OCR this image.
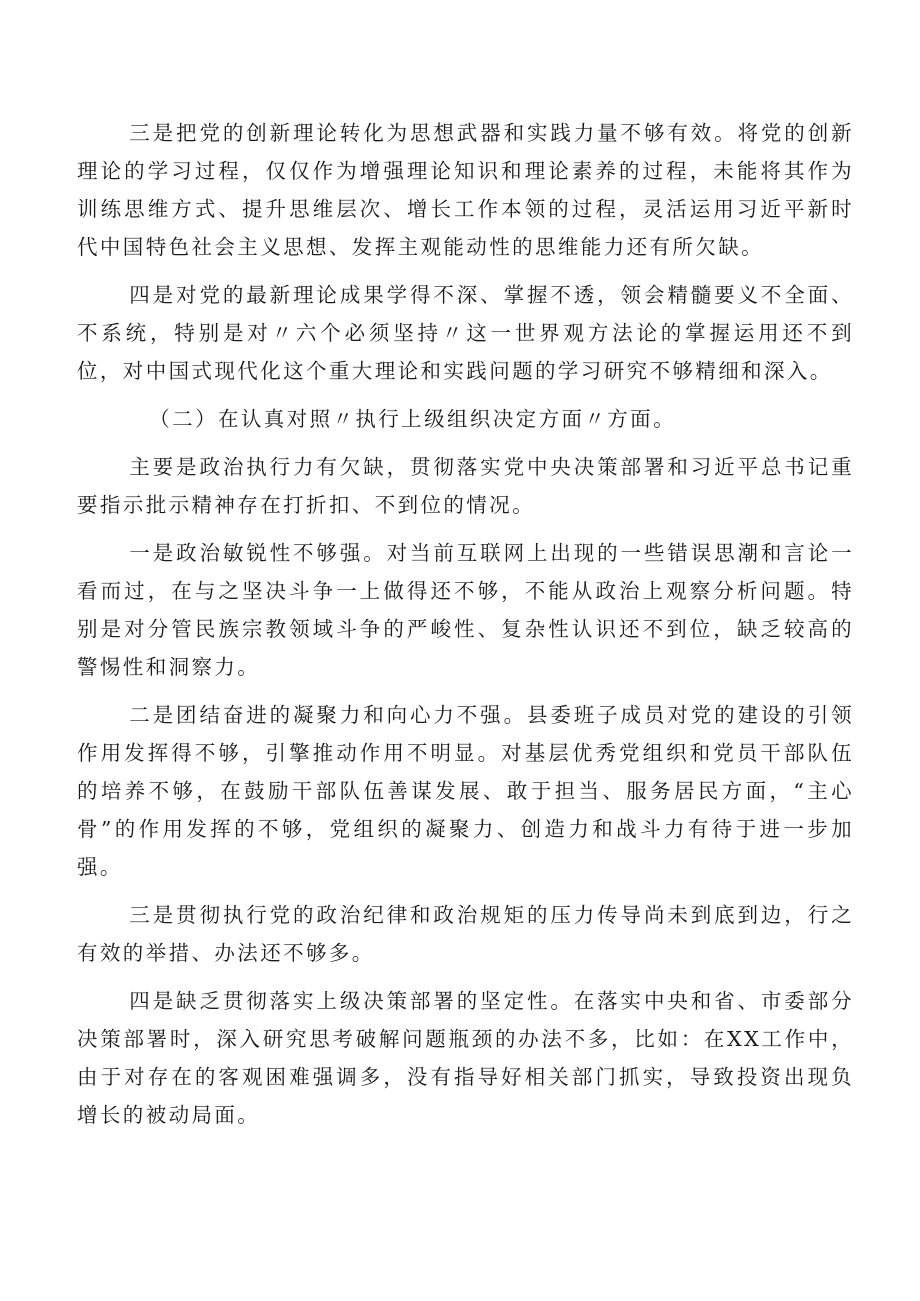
三是把党的创新理论转化为思想武器和实践力量不够有效。将党的创新理论的学习过程，仅仅作为增强理论知识和理论素养的过程，未能将其作为训练思维方式、提升思维层次、增长工作本领的过程，灵活运用习近平新时代中国特色社会主义思想、发挥主观能动性的思维能力还有所欠缺。

四是对党的最新理论成果学得不深、掌握不透，领会精髓要义不全面、不系统，特别是对〃六个必须坚持〃这一世界观方法论的掌握运用还不到位，对中国式现代化这个重大理论和实践问题的学习研究不够精细和深入。

（二）在认真对照〃执行上级组织决定方面〃方面。

主要是政治执行力有欠缺，贯彻落实党中央决策部署和习近平总书记重要指示批示精神存在打折扣、不到位的情况。

一是政治敏锐性不够强。对当前互联网上出现的一些错误思潮和言论一看而过，在与之坚决斗争一上做得还不够，不能从政治上观察分析问题。特别是对分管民族宗教领域斗争的严峻性、复杂性认识还不到位，缺乏较高的警惕性和洞察力。

二是团结奋进的凝聚力和向心力不强。县委班子成员对党的建设的引领作用发挥得不够，引擎推动作用不明显。对基层优秀党组织和党员干部队伍的培养不够，在鼓励干部队伍善谋发展、敢于担当、服务居民方面，“主心骨”的作用发挥的不够，党组织的凝聚力、创造力和战斗力有待于进一步加强。

三是贯彻执行党的政治纪律和政治规矩的压力传导尚未到底到边，行之有效的举措、办法还不够多。

四是缺乏贯彻落实上级决策部署的坚定性。在落实中央和省、市委部分决策部署时，深入研究思考破解问题瓶颈的办法不多，比如：在XX工作中，由于对存在的客观困难强调多，没有指导好相关部门抓实，导致投资出现负增长的被动局面。
